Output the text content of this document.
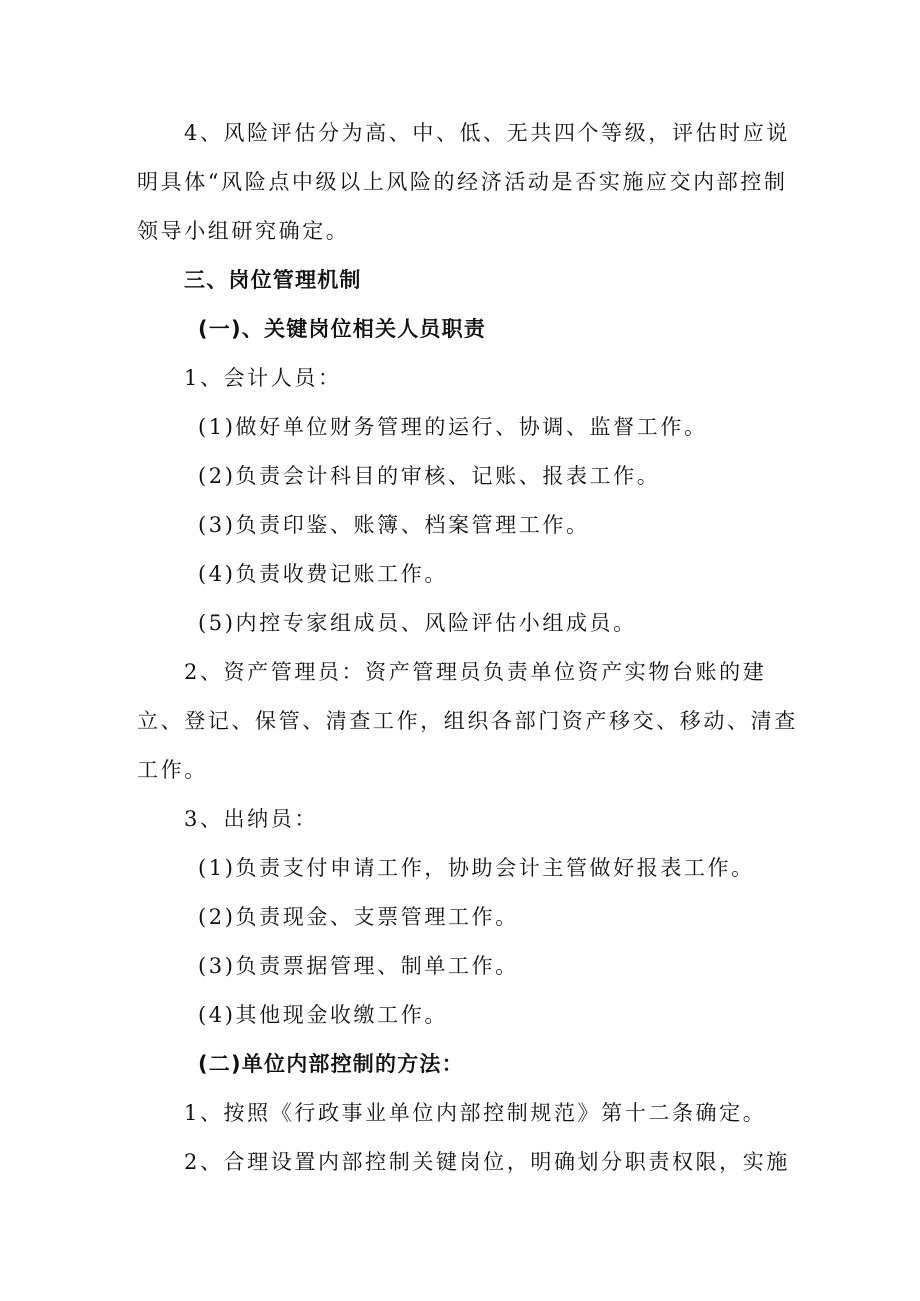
4、风险评估分为高、中、低、无共四个等级，评估时应说
明具体“风险点中级以上风险的经济活动是否实施应交内部控制
领导小组研究确定。
三、岗位管理机制
(一)、关键岗位相关人员职责
1、会计人员：
(1)做好单位财务管理的运行、协调、监督工作。
(2)负责会计科目的审核、记账、报表工作。
(3)负责印鉴、账簿、档案管理工作。
(4)负责收费记账工作。
(5)内控专家组成员、风险评估小组成员。
2、资产管理员：资产管理员负责单位资产实物台账的建
立、登记、保管、清查工作，组织各部门资产移交、移动、清查
工作。
3、出纳员：
(1)负责支付申请工作，协助会计主管做好报表工作。
(2)负责现金、支票管理工作。
(3)负责票据管理、制单工作。
(4)其他现金收缴工作。
(二)单位内部控制的方法：
1、按照《行政事业单位内部控制规范》第十二条确定。
2、合理设置内部控制关键岗位，明确划分职责权限，实施
